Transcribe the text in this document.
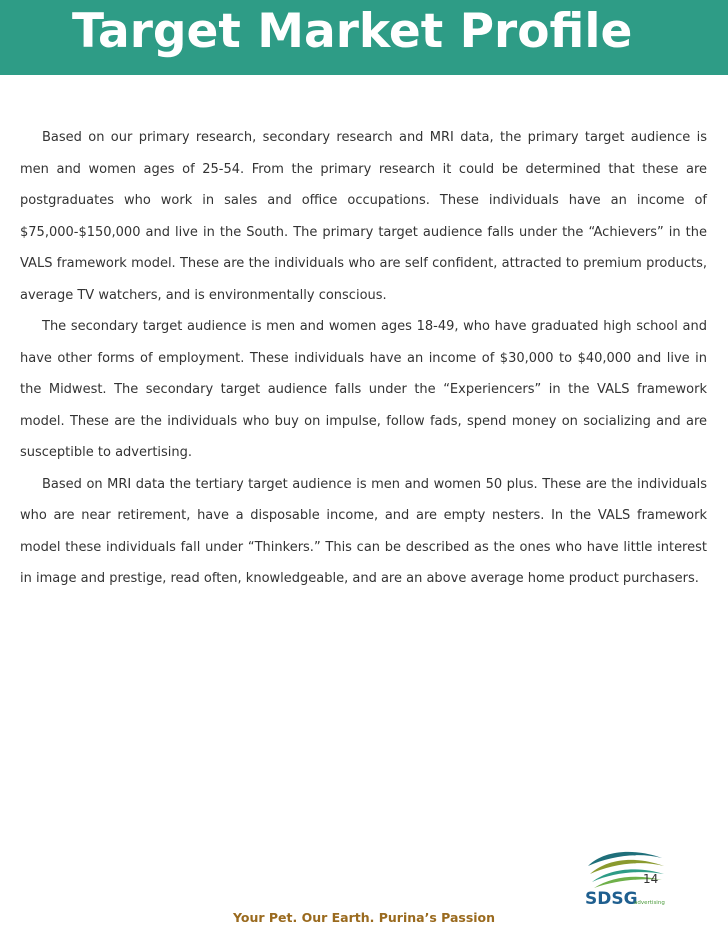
Target Market Profile

Based on our primary research, secondary research and MRI data, the primary target audience is men and women ages of 25-54. From the primary research it could be determined that these are postgraduates who work in sales and office occupations. These individuals have an income of $75,000-$150,000 and live in the South. The primary target audience falls under the “Achievers” in the VALS framework model. These are the individuals who are self confident, attracted to premium products, average TV watchers, and is environmentally conscious.

The secondary target audience is men and women ages 18-49, who have graduated high school and have other forms of employment. These individuals have an income of $30,000 to $40,000 and live in the Midwest. The secondary target audience falls under the “Experiencers” in the VALS framework model. These are the individuals who buy on impulse, follow fads, spend money on socializing and are susceptible to advertising.

Based on MRI data the tertiary target audience is men and women 50 plus. These are the individuals who are near retirement, have a disposable income, and are empty nesters. In the VALS framework model these individuals fall under “Thinkers.” This can be described as the ones who have little interest in image and prestige, read often, knowledgeable, and are an above average home product purchasers.

SDSG
advertising
14
Your Pet. Our Earth. Purina’s Passion
